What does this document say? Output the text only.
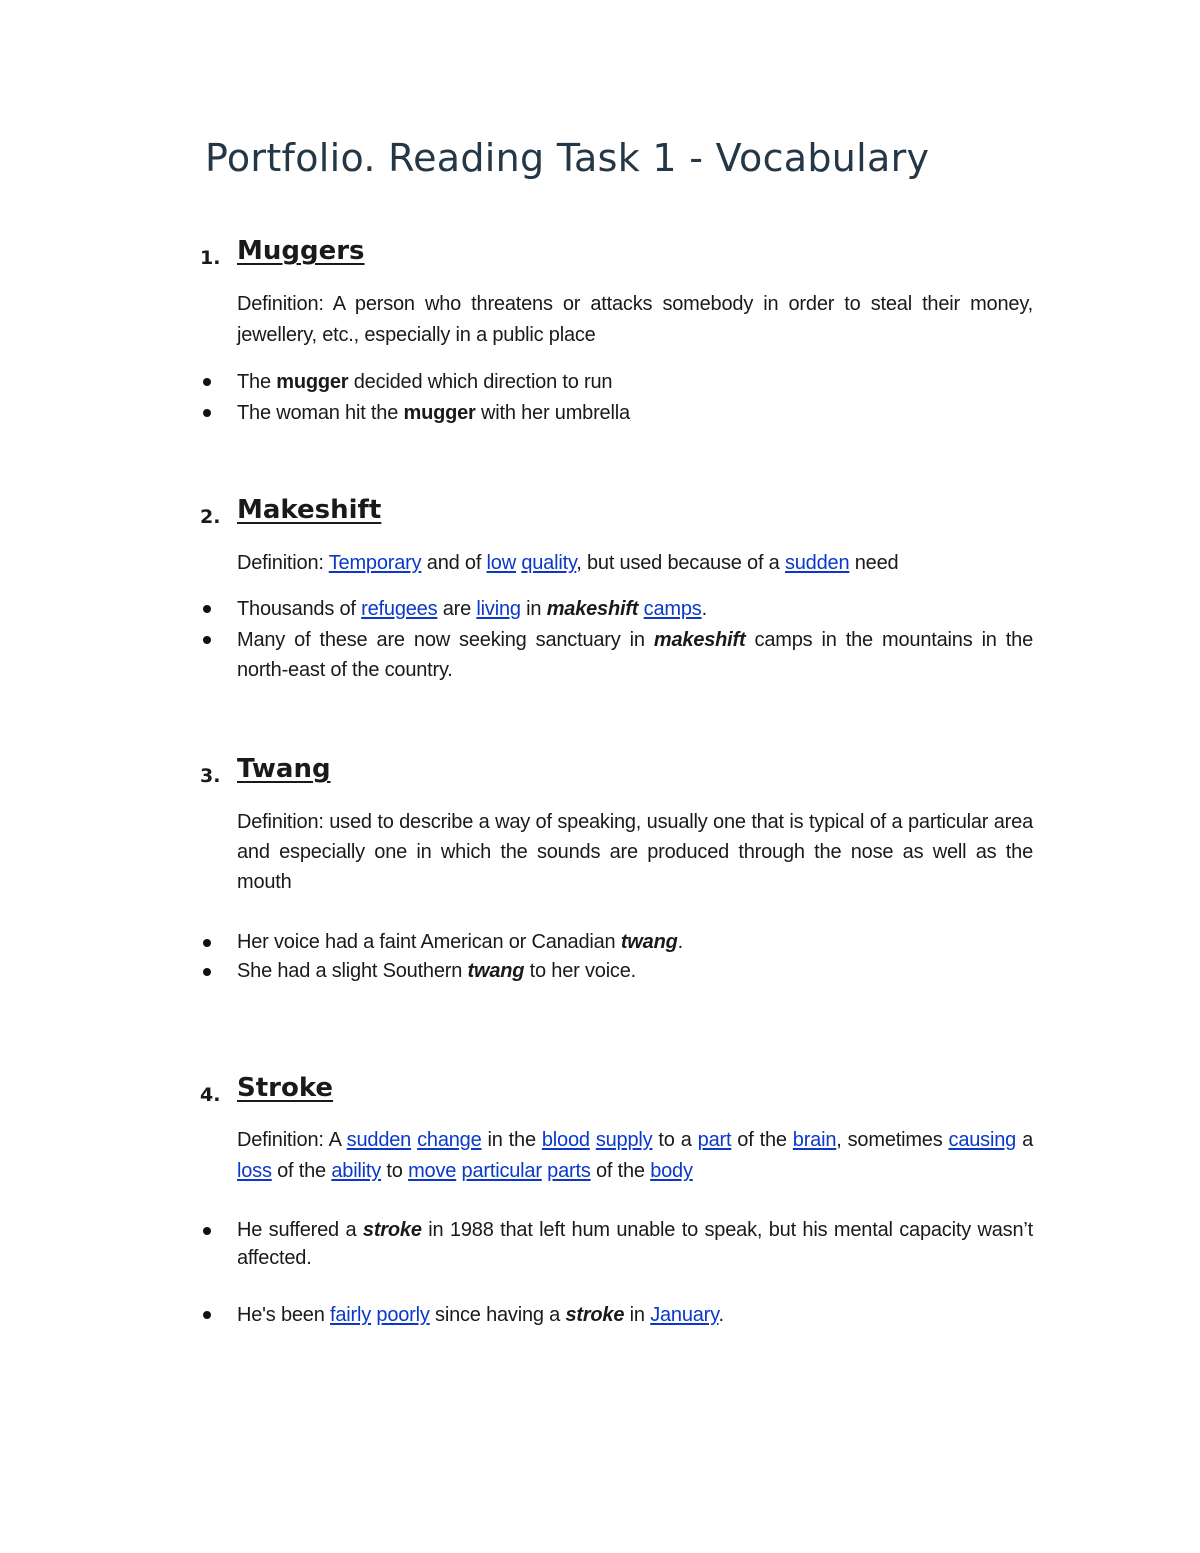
Portfolio. Reading Task 1 - Vocabulary
1. Muggers

Definition: A person who threatens or attacks somebody in order to steal their money, jewellery, etc., especially in a public place

The mugger decided which direction to run

The woman hit the mugger with her umbrella

2. Makeshift

Definition: Temporary and of low quality, but used because of a sudden need

Thousands of refugees are living in makeshift camps.

Many of these are now seeking sanctuary in makeshift camps in the mountains in the north-east of the country.

3. Twang

Definition: used to describe a way of speaking, usually one that is typical of a particular area and especially one in which the sounds are produced through the nose as well as the mouth

Her voice had a faint American or Canadian twang.

She had a slight Southern twang to her voice.

4. Stroke

Definition: A sudden change in the blood supply to a part of the brain, sometimes causing a loss of the ability to move particular parts of the body

He suffered a stroke in 1988 that left hum unable to speak, but his mental capacity wasn’t affected.

He's been fairly poorly since having a stroke in January.
